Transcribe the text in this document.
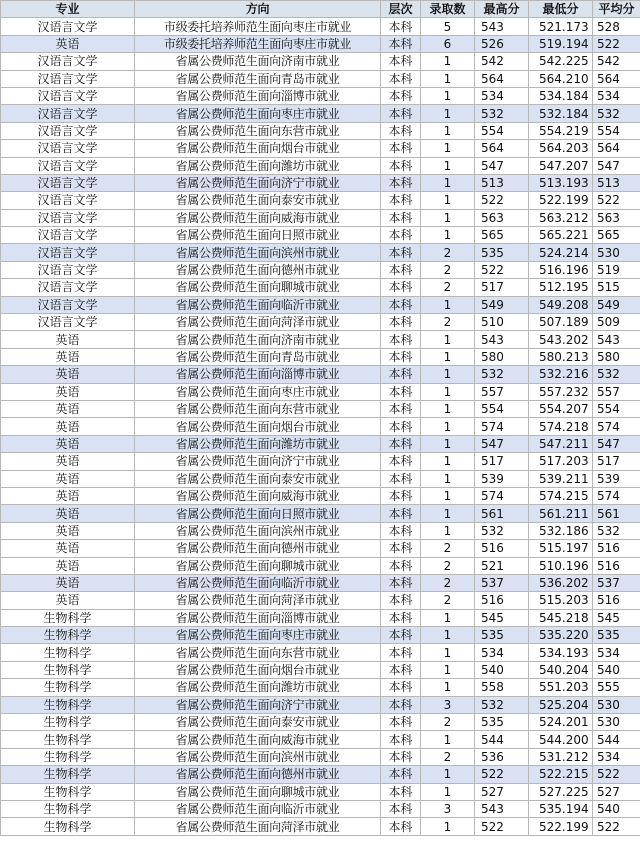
专业	方向	层次	录取数	最高分	最低分	平均分
汉语言文学	市级委托培养师范生面向枣庄市就业	本科	5	543	521.173	528
英语	市级委托培养师范生面向枣庄市就业	本科	6	526	519.194	522
汉语言文学	省属公费师范生面向济南市就业	本科	1	542	542.225	542
汉语言文学	省属公费师范生面向青岛市就业	本科	1	564	564.210	564
汉语言文学	省属公费师范生面向淄博市就业	本科	1	534	534.184	534
汉语言文学	省属公费师范生面向枣庄市就业	本科	1	532	532.184	532
汉语言文学	省属公费师范生面向东营市就业	本科	1	554	554.219	554
汉语言文学	省属公费师范生面向烟台市就业	本科	1	564	564.203	564
汉语言文学	省属公费师范生面向潍坊市就业	本科	1	547	547.207	547
汉语言文学	省属公费师范生面向济宁市就业	本科	1	513	513.193	513
汉语言文学	省属公费师范生面向泰安市就业	本科	1	522	522.199	522
汉语言文学	省属公费师范生面向威海市就业	本科	1	563	563.212	563
汉语言文学	省属公费师范生面向日照市就业	本科	1	565	565.221	565
汉语言文学	省属公费师范生面向滨州市就业	本科	2	535	524.214	530
汉语言文学	省属公费师范生面向德州市就业	本科	2	522	516.196	519
汉语言文学	省属公费师范生面向聊城市就业	本科	2	517	512.195	515
汉语言文学	省属公费师范生面向临沂市就业	本科	1	549	549.208	549
汉语言文学	省属公费师范生面向菏泽市就业	本科	2	510	507.189	509
英语	省属公费师范生面向济南市就业	本科	1	543	543.202	543
英语	省属公费师范生面向青岛市就业	本科	1	580	580.213	580
英语	省属公费师范生面向淄博市就业	本科	1	532	532.216	532
英语	省属公费师范生面向枣庄市就业	本科	1	557	557.232	557
英语	省属公费师范生面向东营市就业	本科	1	554	554.207	554
英语	省属公费师范生面向烟台市就业	本科	1	574	574.218	574
英语	省属公费师范生面向潍坊市就业	本科	1	547	547.211	547
英语	省属公费师范生面向济宁市就业	本科	1	517	517.203	517
英语	省属公费师范生面向泰安市就业	本科	1	539	539.211	539
英语	省属公费师范生面向威海市就业	本科	1	574	574.215	574
英语	省属公费师范生面向日照市就业	本科	1	561	561.211	561
英语	省属公费师范生面向滨州市就业	本科	1	532	532.186	532
英语	省属公费师范生面向德州市就业	本科	2	516	515.197	516
英语	省属公费师范生面向聊城市就业	本科	2	521	510.196	516
英语	省属公费师范生面向临沂市就业	本科	2	537	536.202	537
英语	省属公费师范生面向菏泽市就业	本科	2	516	515.203	516
生物科学	省属公费师范生面向淄博市就业	本科	1	545	545.218	545
生物科学	省属公费师范生面向枣庄市就业	本科	1	535	535.220	535
生物科学	省属公费师范生面向东营市就业	本科	1	534	534.193	534
生物科学	省属公费师范生面向烟台市就业	本科	1	540	540.204	540
生物科学	省属公费师范生面向潍坊市就业	本科	1	558	551.203	555
生物科学	省属公费师范生面向济宁市就业	本科	3	532	525.204	530
生物科学	省属公费师范生面向泰安市就业	本科	2	535	524.201	530
生物科学	省属公费师范生面向威海市就业	本科	1	544	544.200	544
生物科学	省属公费师范生面向滨州市就业	本科	2	536	531.212	534
生物科学	省属公费师范生面向德州市就业	本科	1	522	522.215	522
生物科学	省属公费师范生面向聊城市就业	本科	1	527	527.225	527
生物科学	省属公费师范生面向临沂市就业	本科	3	543	535.194	540
生物科学	省属公费师范生面向菏泽市就业	本科	1	522	522.199	522
